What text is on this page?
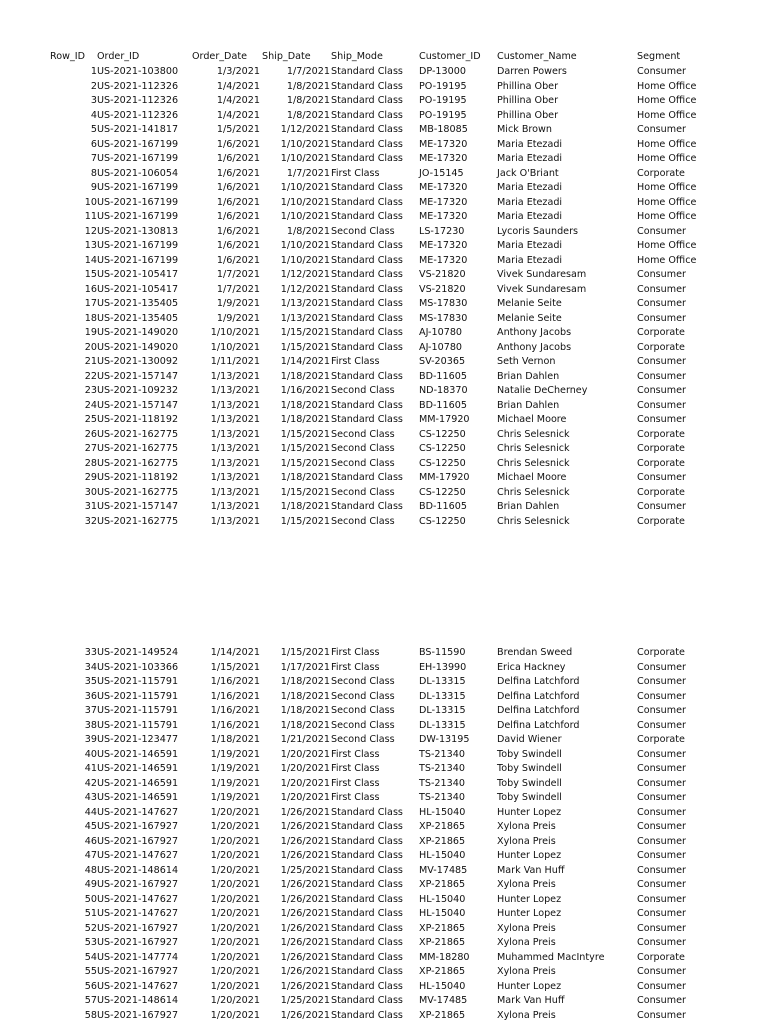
Row_ID Order_ID	Order_Date Ship_Date Ship_Mode	Customer_ID Customer_Name	Segment
1 US-2021-103800	1/3/2021	1/7/2021 Standard Class DP-13000	Darren Powers	Consumer
2 US-2021-112326	1/4/2021	1/8/2021 Standard Class PO-19195	Phillina Ober	Home Office
3 US-2021-112326	1/4/2021	1/8/2021 Standard Class PO-19195	Phillina Ober	Home Office
4 US-2021-112326	1/4/2021	1/8/2021 Standard Class PO-19195	Phillina Ober	Home Office
5 US-2021-141817	1/5/2021 1/12/2021 Standard Class MB-18085	Mick Brown	Consumer
6 US-2021-167199	1/6/2021 1/10/2021 Standard Class ME-17320	Maria Etezadi	Home Office
7 US-2021-167199	1/6/2021 1/10/2021 Standard Class ME-17320	Maria Etezadi	Home Office
8 US-2021-106054	1/6/2021	1/7/2021 First Class	JO-15145	Jack O'Briant	Corporate
9 US-2021-167199	1/6/2021 1/10/2021 Standard Class ME-17320	Maria Etezadi	Home Office
10 US-2021-167199	1/6/2021 1/10/2021 Standard Class ME-17320	Maria Etezadi	Home Office
11 US-2021-167199	1/6/2021 1/10/2021 Standard Class ME-17320	Maria Etezadi	Home Office
12 US-2021-130813	1/6/2021	1/8/2021 Second Class	LS-17230	Lycoris Saunders	Consumer
13 US-2021-167199	1/6/2021 1/10/2021 Standard Class ME-17320	Maria Etezadi	Home Office
14 US-2021-167199	1/6/2021 1/10/2021 Standard Class ME-17320	Maria Etezadi	Home Office
15 US-2021-105417	1/7/2021 1/12/2021 Standard Class VS-21820	Vivek Sundaresam	Consumer
16 US-2021-105417	1/7/2021 1/12/2021 Standard Class VS-21820	Vivek Sundaresam	Consumer
17 US-2021-135405	1/9/2021 1/13/2021 Standard Class MS-17830	Melanie Seite	Consumer
18 US-2021-135405	1/9/2021 1/13/2021 Standard Class MS-17830	Melanie Seite	Consumer
19 US-2021-149020	1/10/2021 1/15/2021 Standard Class AJ-10780	Anthony Jacobs	Corporate
20 US-2021-149020	1/10/2021 1/15/2021 Standard Class AJ-10780	Anthony Jacobs	Corporate
21 US-2021-130092	1/11/2021 1/14/2021 First Class	SV-20365	Seth Vernon	Consumer
22 US-2021-157147	1/13/2021 1/18/2021 Standard Class BD-11605	Brian Dahlen	Consumer
23 US-2021-109232	1/13/2021 1/16/2021 Second Class	ND-18370	Natalie DeCherney	Consumer
24 US-2021-157147	1/13/2021 1/18/2021 Standard Class BD-11605	Brian Dahlen	Consumer
25 US-2021-118192	1/13/2021 1/18/2021 Standard Class MM-17920	Michael Moore	Consumer
26 US-2021-162775	1/13/2021 1/15/2021 Second Class	CS-12250	Chris Selesnick	Corporate
27 US-2021-162775	1/13/2021 1/15/2021 Second Class	CS-12250	Chris Selesnick	Corporate
28 US-2021-162775	1/13/2021 1/15/2021 Second Class	CS-12250	Chris Selesnick	Corporate
29 US-2021-118192	1/13/2021 1/18/2021 Standard Class MM-17920	Michael Moore	Consumer
30 US-2021-162775	1/13/2021 1/15/2021 Second Class	CS-12250	Chris Selesnick	Corporate
31 US-2021-157147	1/13/2021 1/18/2021 Standard Class BD-11605	Brian Dahlen	Consumer
32 US-2021-162775	1/13/2021 1/15/2021 Second Class	CS-12250	Chris Selesnick	Corporate
33 US-2021-149524	1/14/2021 1/15/2021 First Class	BS-11590	Brendan Sweed	Corporate
34 US-2021-103366	1/15/2021 1/17/2021 First Class	EH-13990	Erica Hackney	Consumer
35 US-2021-115791	1/16/2021 1/18/2021 Second Class	DL-13315	Delfina Latchford	Consumer
36 US-2021-115791	1/16/2021 1/18/2021 Second Class	DL-13315	Delfina Latchford	Consumer
37 US-2021-115791	1/16/2021 1/18/2021 Second Class	DL-13315	Delfina Latchford	Consumer
38 US-2021-115791	1/16/2021 1/18/2021 Second Class	DL-13315	Delfina Latchford	Consumer
39 US-2021-123477	1/18/2021 1/21/2021 Second Class	DW-13195	David Wiener	Corporate
40 US-2021-146591	1/19/2021 1/20/2021 First Class	TS-21340	Toby Swindell	Consumer
41 US-2021-146591	1/19/2021 1/20/2021 First Class	TS-21340	Toby Swindell	Consumer
42 US-2021-146591	1/19/2021 1/20/2021 First Class	TS-21340	Toby Swindell	Consumer
43 US-2021-146591	1/19/2021 1/20/2021 First Class	TS-21340	Toby Swindell	Consumer
44 US-2021-147627	1/20/2021 1/26/2021 Standard Class HL-15040	Hunter Lopez	Consumer
45 US-2021-167927	1/20/2021 1/26/2021 Standard Class XP-21865	Xylona Preis	Consumer
46 US-2021-167927	1/20/2021 1/26/2021 Standard Class XP-21865	Xylona Preis	Consumer
47 US-2021-147627	1/20/2021 1/26/2021 Standard Class HL-15040	Hunter Lopez	Consumer
48 US-2021-148614	1/20/2021 1/25/2021 Standard Class MV-17485	Mark Van Huff	Consumer
49 US-2021-167927	1/20/2021 1/26/2021 Standard Class XP-21865	Xylona Preis	Consumer
50 US-2021-147627	1/20/2021 1/26/2021 Standard Class HL-15040	Hunter Lopez	Consumer
51 US-2021-147627	1/20/2021 1/26/2021 Standard Class HL-15040	Hunter Lopez	Consumer
52 US-2021-167927	1/20/2021 1/26/2021 Standard Class XP-21865	Xylona Preis	Consumer
53 US-2021-167927	1/20/2021 1/26/2021 Standard Class XP-21865	Xylona Preis	Consumer
54 US-2021-147774	1/20/2021 1/26/2021 Standard Class MM-18280	Muhammed MacIntyre	Corporate
55 US-2021-167927	1/20/2021 1/26/2021 Standard Class XP-21865	Xylona Preis	Consumer
56 US-2021-147627	1/20/2021 1/26/2021 Standard Class HL-15040	Hunter Lopez	Consumer
57 US-2021-148614	1/20/2021 1/25/2021 Standard Class MV-17485	Mark Van Huff	Consumer
58 US-2021-167927	1/20/2021 1/26/2021 Standard Class XP-21865	Xylona Preis	Consumer
